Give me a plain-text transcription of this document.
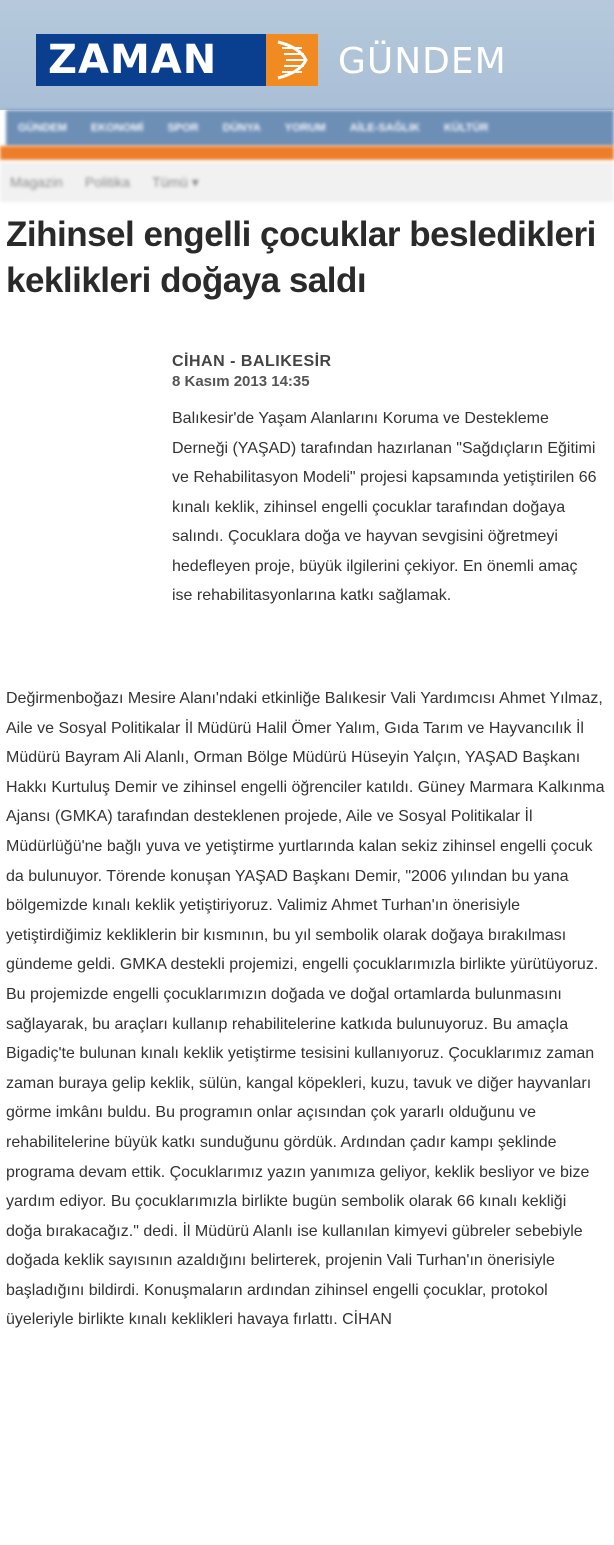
ZAMAN	GÜNDEM
GÜNDEM EKONOMİ SPOR DÜNYA YORUM AİLE-SAĞLIK KÜLTÜR
Magazin Politika Tümü ▾
Zihinsel engelli çocuklar besledikleri keklikleri doğaya saldı
CİHAN - BALIKESİR
8 Kasım 2013 14:35

Balıkesir'de Yaşam Alanlarını Koruma ve Destekleme Derneği (YAŞAD) tarafından hazırlanan "Sağdıçların Eğitimi ve Rehabilitasyon Modeli" projesi kapsamında yetiştirilen 66 kınalı keklik, zihinsel engelli çocuklar tarafından doğaya salındı. Çocuklara doğa ve hayvan sevgisini öğretmeyi hedefleyen proje, büyük ilgilerini çekiyor. En önemli amaç ise rehabilitasyonlarına katkı sağlamak.

Değirmenboğazı Mesire Alanı'ndaki etkinliğe Balıkesir Vali Yardımcısı Ahmet Yılmaz, Aile ve Sosyal Politikalar İl Müdürü Halil Ömer Yalım, Gıda Tarım ve Hayvancılık İl Müdürü Bayram Ali Alanlı, Orman Bölge Müdürü Hüseyin Yalçın, YAŞAD Başkanı Hakkı Kurtuluş Demir ve zihinsel engelli öğrenciler katıldı. Güney Marmara Kalkınma Ajansı (GMKA) tarafından desteklenen projede, Aile ve Sosyal Politikalar İl Müdürlüğü'ne bağlı yuva ve yetiştirme yurtlarında kalan sekiz zihinsel engelli çocuk da bulunuyor. Törende konuşan YAŞAD Başkanı Demir, "2006 yılından bu yana bölgemizde kınalı keklik yetiştiriyoruz. Valimiz Ahmet Turhan'ın önerisiyle yetiştirdiğimiz kekliklerin bir kısmının, bu yıl sembolik olarak doğaya bırakılması gündeme geldi. GMKA destekli projemizi, engelli çocuklarımızla birlikte yürütüyoruz. Bu projemizde engelli çocuklarımızın doğada ve doğal ortamlarda bulunmasını sağlayarak, bu araçları kullanıp rehabilitelerine katkıda bulunuyoruz. Bu amaçla Bigadiç'te bulunan kınalı keklik yetiştirme tesisini kullanıyoruz. Çocuklarımız zaman zaman buraya gelip keklik, sülün, kangal köpekleri, kuzu, tavuk ve diğer hayvanları görme imkânı buldu. Bu programın onlar açısından çok yararlı olduğunu ve rehabilitelerine büyük katkı sunduğunu gördük. Ardından çadır kampı şeklinde programa devam ettik. Çocuklarımız yazın yanımıza geliyor, keklik besliyor ve bize yardım ediyor. Bu çocuklarımızla birlikte bugün sembolik olarak 66 kınalı kekliği doğa bırakacağız." dedi. İl Müdürü Alanlı ise kullanılan kimyevi gübreler sebebiyle doğada keklik sayısının azaldığını belirterek, projenin Vali Turhan'ın önerisiyle başladığını bildirdi. Konuşmaların ardından zihinsel engelli çocuklar, protokol üyeleriyle birlikte kınalı keklikleri havaya fırlattı. CİHAN
